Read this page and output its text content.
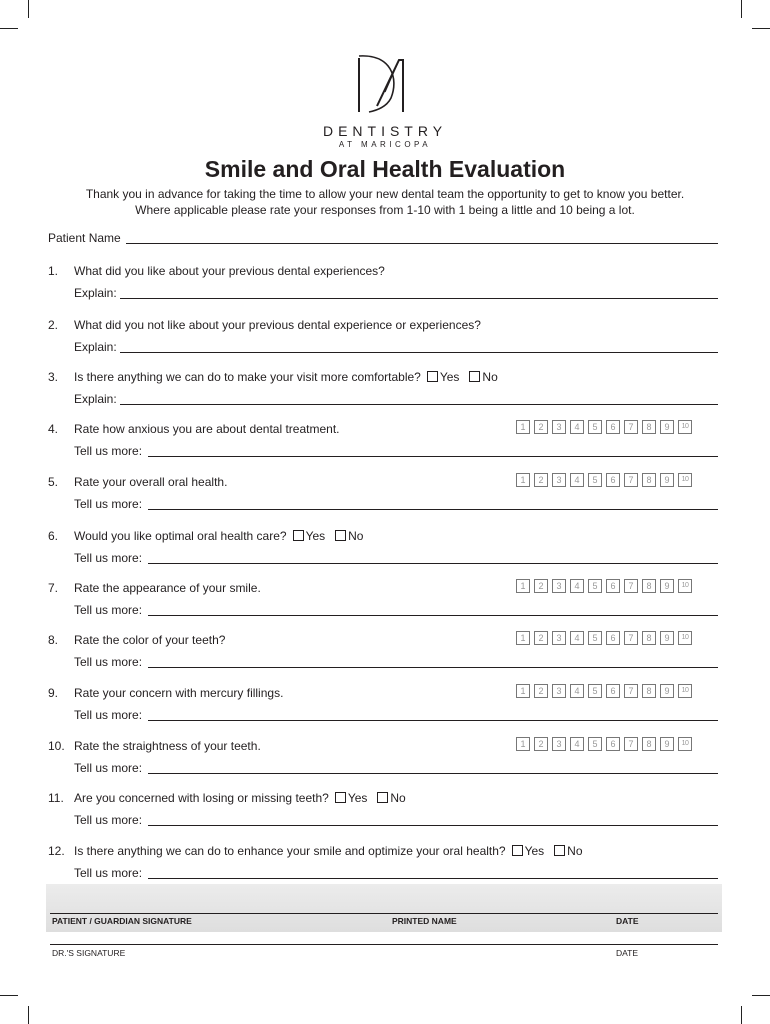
DENTISTRY
AT MARICOPA
Smile and Oral Health Evaluation
Thank you in advance for taking the time to allow your new dental team the opportunity to get to know you better.
Where applicable please rate your responses from 1-10 with 1 being a little and 10 being a lot.
Patient Name
1. What did you like about your previous dental experiences?
Explain:
2. What did you not like about your previous dental experience or experiences?
Explain:
3. Is there anything we can do to make your visit more comfortable? Yes No
Explain:
4. Rate how anxious you are about dental treatment.	1	2	3	4	5	6	7	8	9	10
Tell us more:
5. Rate your overall oral health.	1	2	3	4	5	6	7	8	9	10
Tell us more:
6. Would you like optimal oral health care? Yes No
Tell us more:
7. Rate the appearance of your smile.	1	2	3	4	5	6	7	8	9	10
Tell us more:
8. Rate the color of your teeth?	1	2	3	4	5	6	7	8	9	10
Tell us more:
9. Rate your concern with mercury fillings.	1	2	3	4	5	6	7	8	9	10
Tell us more:
10. Rate the straightness of your teeth.	1	2	3	4	5	6	7	8	9	10
Tell us more:
11. Are you concerned with losing or missing teeth? Yes No
Tell us more:
12. Is there anything we can do to enhance your smile and optimize your oral health? Yes No
Tell us more:
PATIENT / GUARDIAN SIGNATURE	PRINTED NAME	DATE
DR.'S SIGNATURE	DATE
